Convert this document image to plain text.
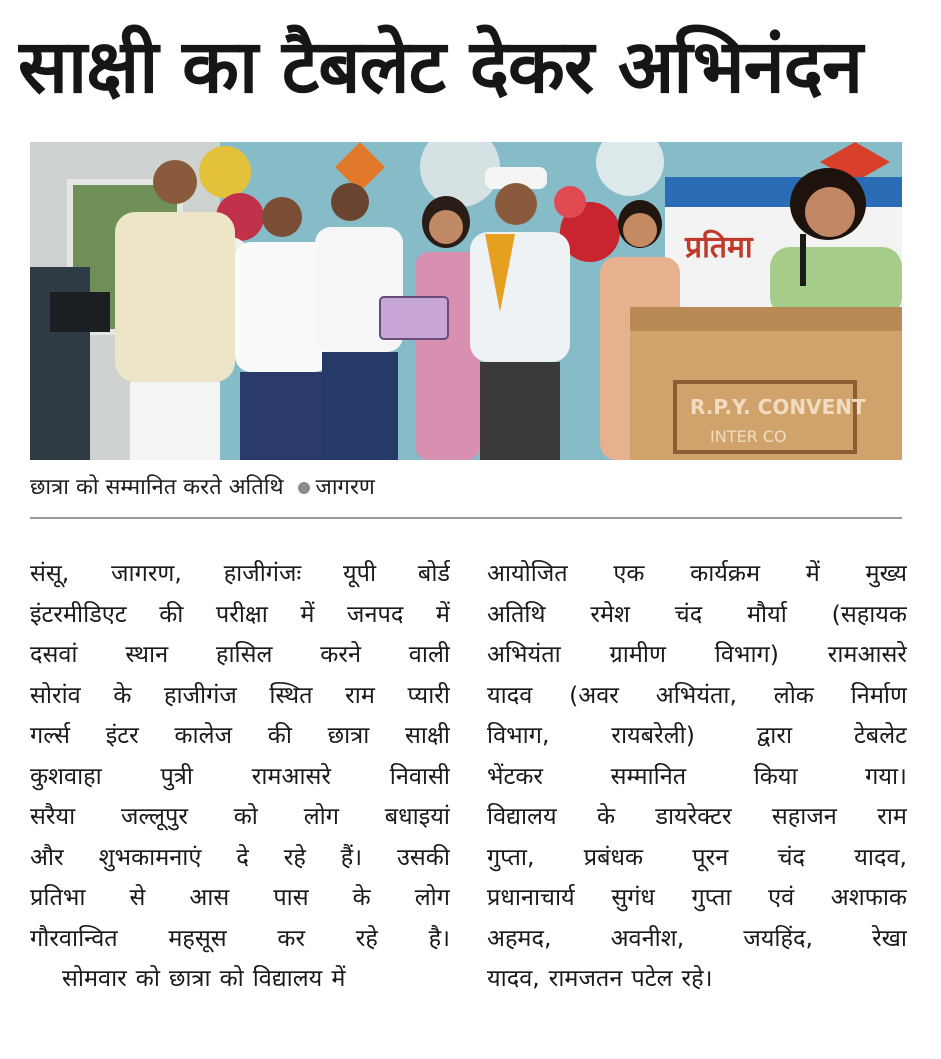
साक्षी का टैबलेट देकर अभिनंदन
प्रतिमा
R.P.Y. CONVENT
INTER CO
छात्रा को सम्मानित करते अतिथि जागरण
संसू, जागरण, हाजीगंजः यूपी बोर्ड
इंटरमीडिएट की परीक्षा में जनपद में
दसवां स्थान हासिल करने वाली
सोरांव के हाजीगंज स्थित राम प्यारी
गर्ल्स इंटर कालेज की छात्रा साक्षी
कुशवाहा	पुत्री	रामआसरे	निवासी
सरैया जल्लूपुर को लोग बधाइयां
और शुभकामनाएं दे रहे हैं। उसकी
प्रतिभा से आस पास के लोग
गौरवान्वित महसूस कर रहे है।
सोमवार को छात्रा को विद्यालय में
आयोजित एक कार्यक्रम में मुख्य
अतिथि रमेश चंद मौर्या (सहायक
अभियंता ग्रामीण विभाग) रामआसरे
यादव (अवर अभियंता, लोक निर्माण
विभाग,	रायबरेली)	द्वारा	टेबलेट
भेंटकर	सम्मानित	किया	गया।
विद्यालय के डायरेक्टर सहाजन राम
गुप्ता, प्रबंधक पूरन चंद यादव,
प्रधानाचार्य सुगंध गुप्ता एवं अशफाक
अहमद,	अवनीश,	जयहिंद,	रेखा
यादव, रामजतन पटेल रहे।
